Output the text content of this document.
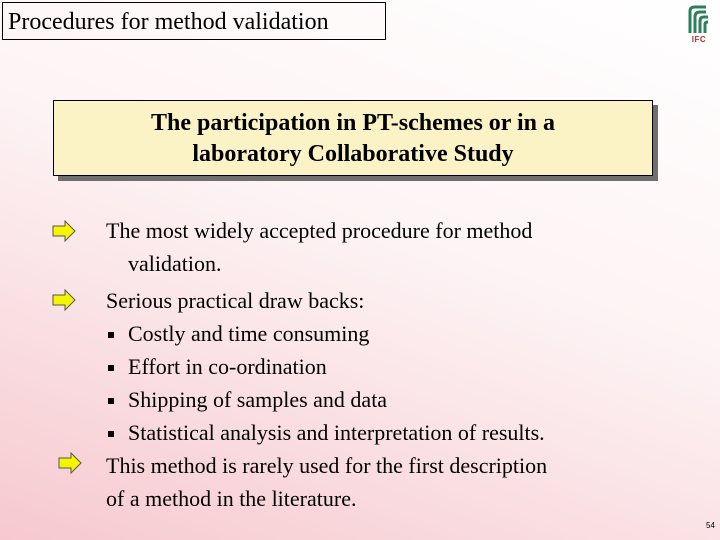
Procedures for method validation
IFC
The participation in PT-schemes or in a
laboratory Collaborative Study
The most widely accepted procedure for method
validation.
Serious practical draw backs:
Costly and time consuming
Effort in co-ordination
Shipping of samples and data
Statistical analysis and interpretation of results.
This method is rarely used for the first description
of a method in the literature.
54
